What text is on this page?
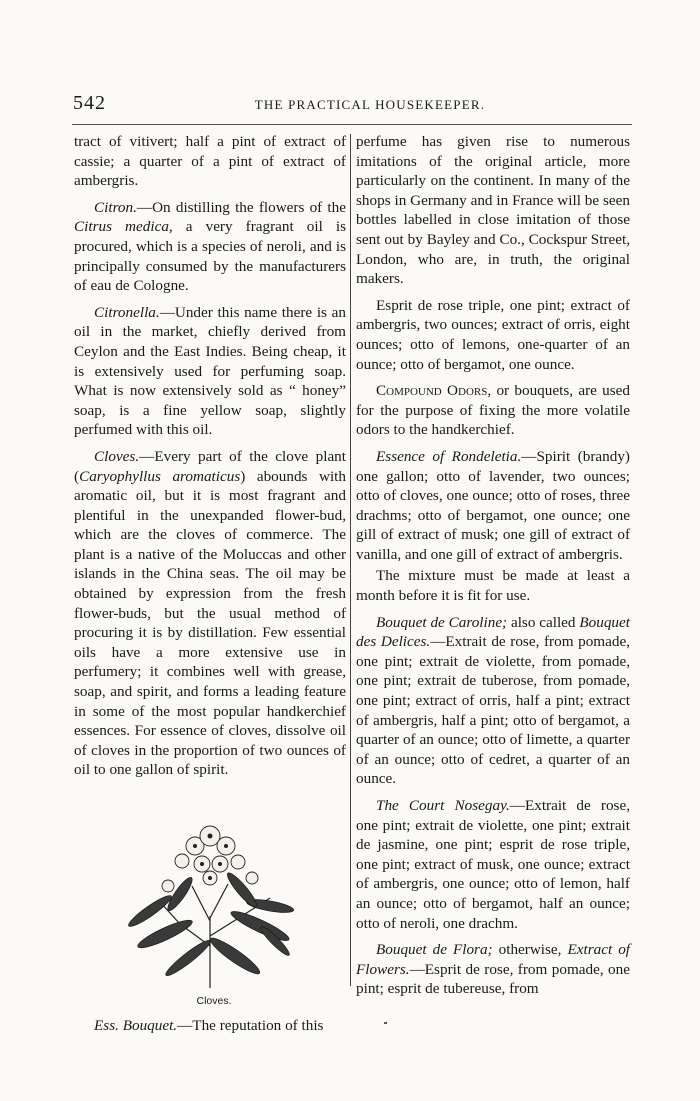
542	THE PRACTICAL HOUSEKEEPER.

tract of vitivert; half a pint of extract of cassie; a quarter of a pint of extract of ambergris.

Citron.—On distilling the flowers of the Citrus medica, a very fragrant oil is procured, which is a species of neroli, and is principally consumed by the manufacturers of eau de Cologne.

Citronella.—Under this name there is an oil in the market, chiefly derived from Ceylon and the East Indies. Being cheap, it is extensively used for perfuming soap. What is now extensively sold as “ honey” soap, is a fine yellow soap, slightly perfumed with this oil.

Cloves.—Every part of the clove plant (Caryophyllus aromaticus) abounds with aromatic oil, but it is most fragrant and plentiful in the unexpanded flower-bud, which are the cloves of commerce. The plant is a native of the Moluccas and other islands in the China seas. The oil may be obtained by expression from the fresh flower-buds, but the usual method of procuring it is by distillation. Few essential oils have a more extensive use in perfumery; it combines well with grease, soap, and spirit, and forms a leading feature in some of the most popular handkerchief essences. For essence of cloves, dissolve oil of cloves in the proportion of two ounces of oil to one gallon of spirit.

Cloves.

Ess. Bouquet.—The reputation of this

perfume has given rise to numerous imitations of the original article, more particularly on the continent. In many of the shops in Germany and in France will be seen bottles labelled in close imitation of those sent out by Bayley and Co., Cockspur Street, London, who are, in truth, the original makers.

Esprit de rose triple, one pint; extract of ambergris, two ounces; extract of orris, eight ounces; otto of lemons, one-quarter of an ounce; otto of bergamot, one ounce.

Compound Odors, or bouquets, are used for the purpose of fixing the more volatile odors to the handkerchief.

Essence of Rondeletia.—Spirit (brandy) one gallon; otto of lavender, two ounces; otto of cloves, one ounce; otto of roses, three drachms; otto of bergamot, one ounce; one gill of extract of musk; one gill of extract of vanilla, and one gill of extract of ambergris.

The mixture must be made at least a month before it is fit for use.

Bouquet de Caroline; also called Bouquet des Delices.—Extrait de rose, from pomade, one pint; extrait de violette, from pomade, one pint; extrait de tuberose, from pomade, one pint; extract of orris, half a pint; extract of ambergris, half a pint; otto of bergamot, a quarter of an ounce; otto of limette, a quarter of an ounce; otto of cedret, a quarter of an ounce.

The Court Nosegay.—Extrait de rose, one pint; extrait de violette, one pint; extrait de jasmine, one pint; esprit de rose triple, one pint; extract of musk, one ounce; extract of ambergris, one ounce; otto of lemon, half an ounce; otto of bergamot, half an ounce; otto of neroli, one drachm.

Bouquet de Flora; otherwise, Extract of Flowers.—Esprit de rose, from pomade, one pint; esprit de tubereuse, from
